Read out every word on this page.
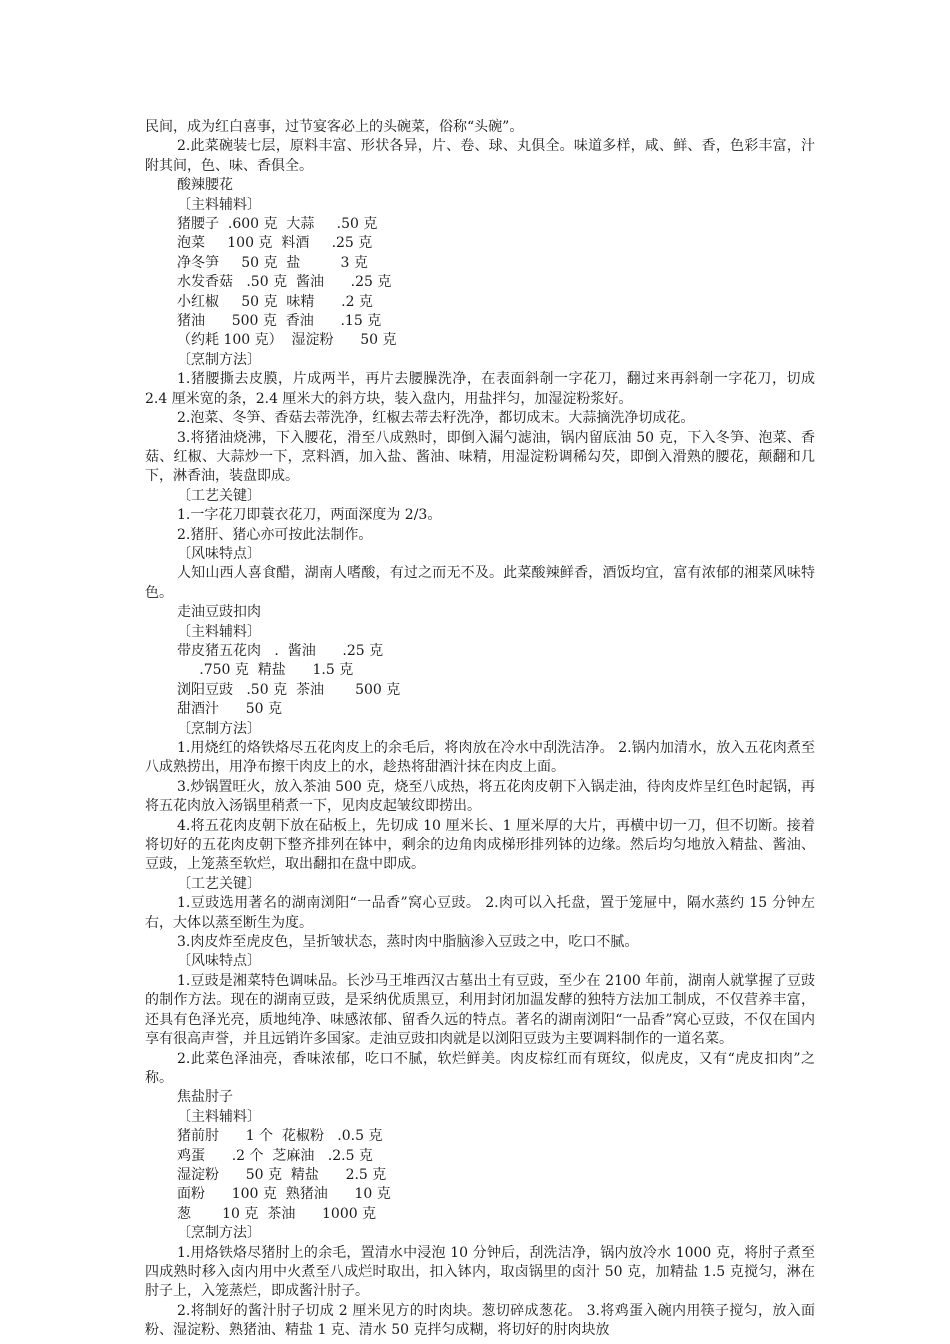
民间，成为红白喜事，过节宴客必上的头碗菜，俗称“头碗”。
2.此菜碗装七层，原料丰富、形状各异，片、卷、球、丸俱全。味道多样，咸、鲜、香，色彩丰富，汁附其间，色、味、香俱全。
酸辣腰花
〔主料辅料〕
猪腰子  .600 克  大蒜     .50 克
泡菜     100 克  料酒     .25 克
净冬笋     50 克  盐         3 克
水发香菇   .50 克  酱油      .25 克
小红椒     50 克  味精      .2 克
猪油      500 克  香油      .15 克
（约耗 100 克）  湿淀粉      50 克
〔烹制方法〕
1.猪腰撕去皮膜，片成两半，再片去腰臊洗净，在表面斜剞一字花刀，翻过来再斜剞一字花刀，切成 2.4 厘米宽的条，2.4 厘米大的斜方块，装入盘内，用盐拌匀，加湿淀粉浆好。
2.泡菜、冬笋、香菇去蒂洗净，红椒去蒂去籽洗净，都切成末。大蒜摘洗净切成花。
3.将猪油烧沸，下入腰花，滑至八成熟时，即倒入漏勺滤油，锅内留底油 50 克，下入冬笋、泡菜、香菇、红椒、大蒜炒一下，烹料酒，加入盐、酱油、味精，用湿淀粉调稀勾芡，即倒入滑熟的腰花，颠翻和几下，淋香油，装盘即成。
〔工艺关键〕
1.一字花刀即蓑衣花刀，两面深度为 2/3。
2.猪肝、猪心亦可按此法制作。
〔风味特点〕
人知山西人喜食醋，湖南人嗜酸，有过之而无不及。此菜酸辣鲜香，酒饭均宜，富有浓郁的湘菜风味特色。
走油豆豉扣肉
〔主料辅料〕
带皮猪五花肉   .  酱油      .25 克
.750 克  精盐      1.5 克
浏阳豆豉   .50 克  茶油       500 克
甜酒汁      50 克
〔烹制方法〕
1.用烧红的烙铁烙尽五花肉皮上的余毛后，将肉放在冷水中刮洗洁净。 2.锅内加清水，放入五花肉煮至八成熟捞出，用净布擦干肉皮上的水，趁热将甜酒汁抹在肉皮上面。
3.炒锅置旺火，放入茶油 500 克，烧至八成热，将五花肉皮朝下入锅走油，待肉皮炸呈红色时起锅，再将五花肉放入汤锅里稍煮一下，见肉皮起皱纹即捞出。
4.将五花肉皮朝下放在砧板上，先切成 10 厘米长、1 厘米厚的大片，再横中切一刀，但不切断。接着将切好的五花肉皮朝下整齐排列在钵中，剩余的边角肉成梯形排列钵的边缘。然后均匀地放入精盐、酱油、豆豉，上笼蒸至软烂，取出翻扣在盘中即成。
〔工艺关键〕
1.豆豉选用著名的湖南浏阳“一品香”窝心豆豉。 2.肉可以入托盘，置于笼屉中，隔水蒸约 15 分钟左右，大体以蒸至断生为度。
3.肉皮炸至虎皮色，呈折皱状态，蒸时肉中脂脑渗入豆豉之中，吃口不腻。
〔风味特点〕
1.豆豉是湘菜特色调味品。长沙马王堆西汉古墓出土有豆豉，至少在 2100 年前，湖南人就掌握了豆豉的制作方法。现在的湖南豆豉，是采纳优质黑豆，利用封闭加温发酵的独特方法加工制成，不仅营养丰富，还具有色泽光亮，质地纯净、味感浓郁、留香久远的特点。著名的湖南浏阳“一品香”窝心豆豉，不仅在国内享有很高声誉，并且远销许多国家。走油豆豉扣肉就是以浏阳豆豉为主要调料制作的一道名菜。
2.此菜色泽油亮，香味浓郁，吃口不腻，软烂鲜美。肉皮棕红而有斑纹，似虎皮，又有“虎皮扣肉”之称。
焦盐肘子
〔主料辅料〕
猪前肘      1 个  花椒粉   .0.5 克
鸡蛋      .2 个  芝麻油   .2.5 克
湿淀粉      50 克  精盐      2.5 克
面粉      100 克  熟猪油      10 克
葱       10 克  茶油      1000 克
〔烹制方法〕
1.用烙铁烙尽猪肘上的余毛，置清水中浸泡 10 分钟后，刮洗洁净，锅内放冷水 1000 克，将肘子煮至四成熟时移入卤内用中火煮至八成烂时取出，扣入钵内，取卤锅里的卤汁 50 克，加精盐 1.5 克搅匀，淋在肘子上，入笼蒸烂，即成酱汁肘子。
2.将制好的酱汁肘子切成 2 厘米见方的时肉块。葱切碎成葱花。 3.将鸡蛋入碗内用筷子搅匀，放入面粉、湿淀粉、熟猪油、精盐 1 克、清水 50 克拌匀成糊，将切好的肘肉块放
